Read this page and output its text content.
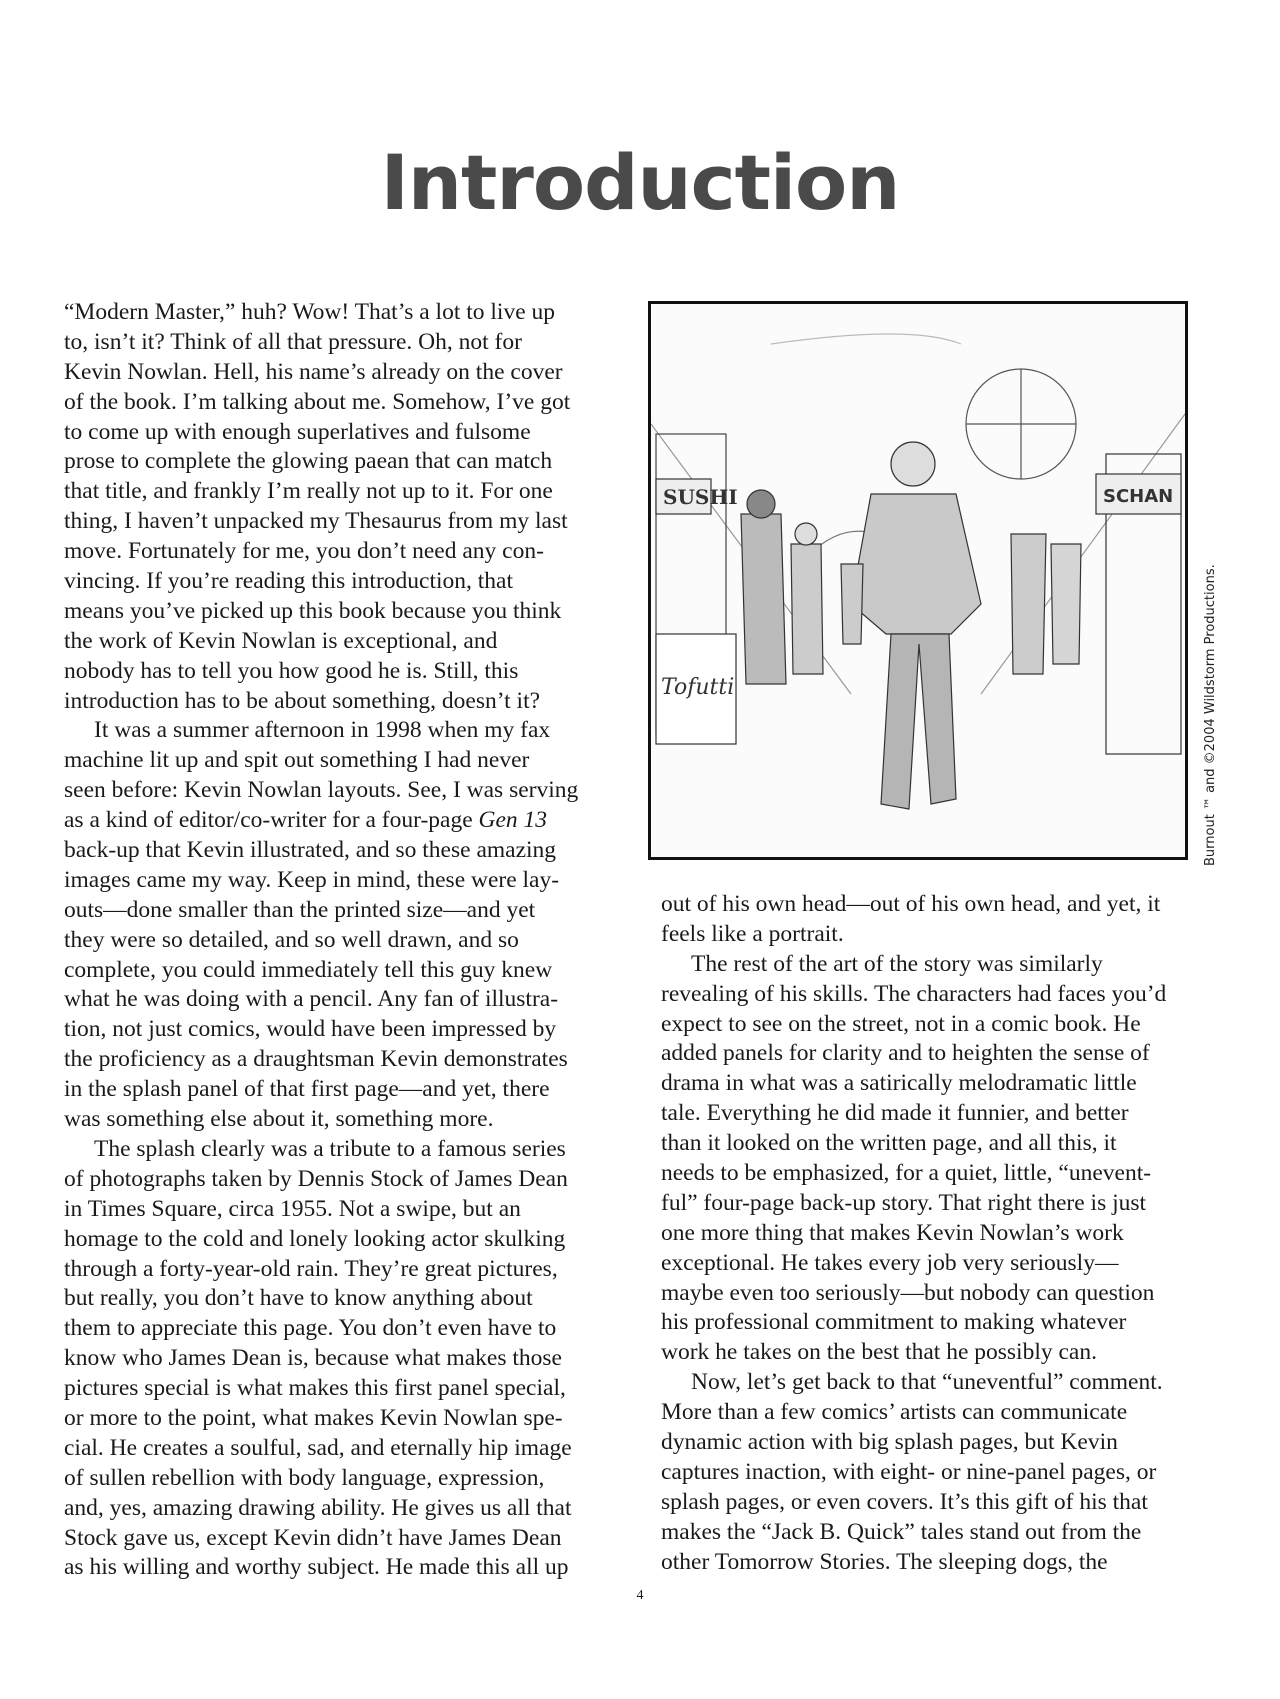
Introduction
“Modern Master,” huh? Wow! That’s a lot to live up
to, isn’t it? Think of all that pressure. Oh, not for
Kevin Nowlan. Hell, his name’s already on the cover
of the book. I’m talking about me. Somehow, I’ve got
to come up with enough superlatives and fulsome
prose to complete the glowing paean that can match
that title, and frankly I’m really not up to it. For one
thing, I haven’t unpacked my Thesaurus from my last
move. Fortunately for me, you don’t need any con-
vincing. If you’re reading this introduction, that
means you’ve picked up this book because you think
the work of Kevin Nowlan is exceptional, and
nobody has to tell you how good he is. Still, this
introduction has to be about something, doesn’t it?
It was a summer afternoon in 1998 when my fax
machine lit up and spit out something I had never
seen before: Kevin Nowlan layouts. See, I was serving
as a kind of editor/co-writer for a four-page Gen 13
back-up that Kevin illustrated, and so these amazing
images came my way. Keep in mind, these were lay-
outs—done smaller than the printed size—and yet
they were so detailed, and so well drawn, and so
complete, you could immediately tell this guy knew
what he was doing with a pencil. Any fan of illustra-
tion, not just comics, would have been impressed by
the proficiency as a draughtsman Kevin demonstrates
in the splash panel of that first page—and yet, there
was something else about it, something more.
The splash clearly was a tribute to a famous series
of photographs taken by Dennis Stock of James Dean
in Times Square, circa 1955. Not a swipe, but an
homage to the cold and lonely looking actor skulking
through a forty-year-old rain. They’re great pictures,
but really, you don’t have to know anything about
them to appreciate this page. You don’t even have to
know who James Dean is, because what makes those
pictures special is what makes this first panel special,
or more to the point, what makes Kevin Nowlan spe-
cial. He creates a soulful, sad, and eternally hip image
of sullen rebellion with body language, expression,
and, yes, amazing drawing ability. He gives us all that
Stock gave us, except Kevin didn’t have James Dean
as his willing and worthy subject. He made this all up
SUSHI
Tofutti
SCHAN
Burnout ™ and ©2004 Wildstorm Productions.
out of his own head—out of his own head, and yet, it
feels like a portrait.
The rest of the art of the story was similarly
revealing of his skills. The characters had faces you’d
expect to see on the street, not in a comic book. He
added panels for clarity and to heighten the sense of
drama in what was a satirically melodramatic little
tale. Everything he did made it funnier, and better
than it looked on the written page, and all this, it
needs to be emphasized, for a quiet, little, “unevent-
ful” four-page back-up story. That right there is just
one more thing that makes Kevin Nowlan’s work
exceptional. He takes every job very seriously—
maybe even too seriously—but nobody can question
his professional commitment to making whatever
work he takes on the best that he possibly can.
Now, let’s get back to that “uneventful” comment.
More than a few comics’ artists can communicate
dynamic action with big splash pages, but Kevin
captures inaction, with eight- or nine-panel pages, or
splash pages, or even covers. It’s this gift of his that
makes the “Jack B. Quick” tales stand out from the
other Tomorrow Stories. The sleeping dogs, the
4
